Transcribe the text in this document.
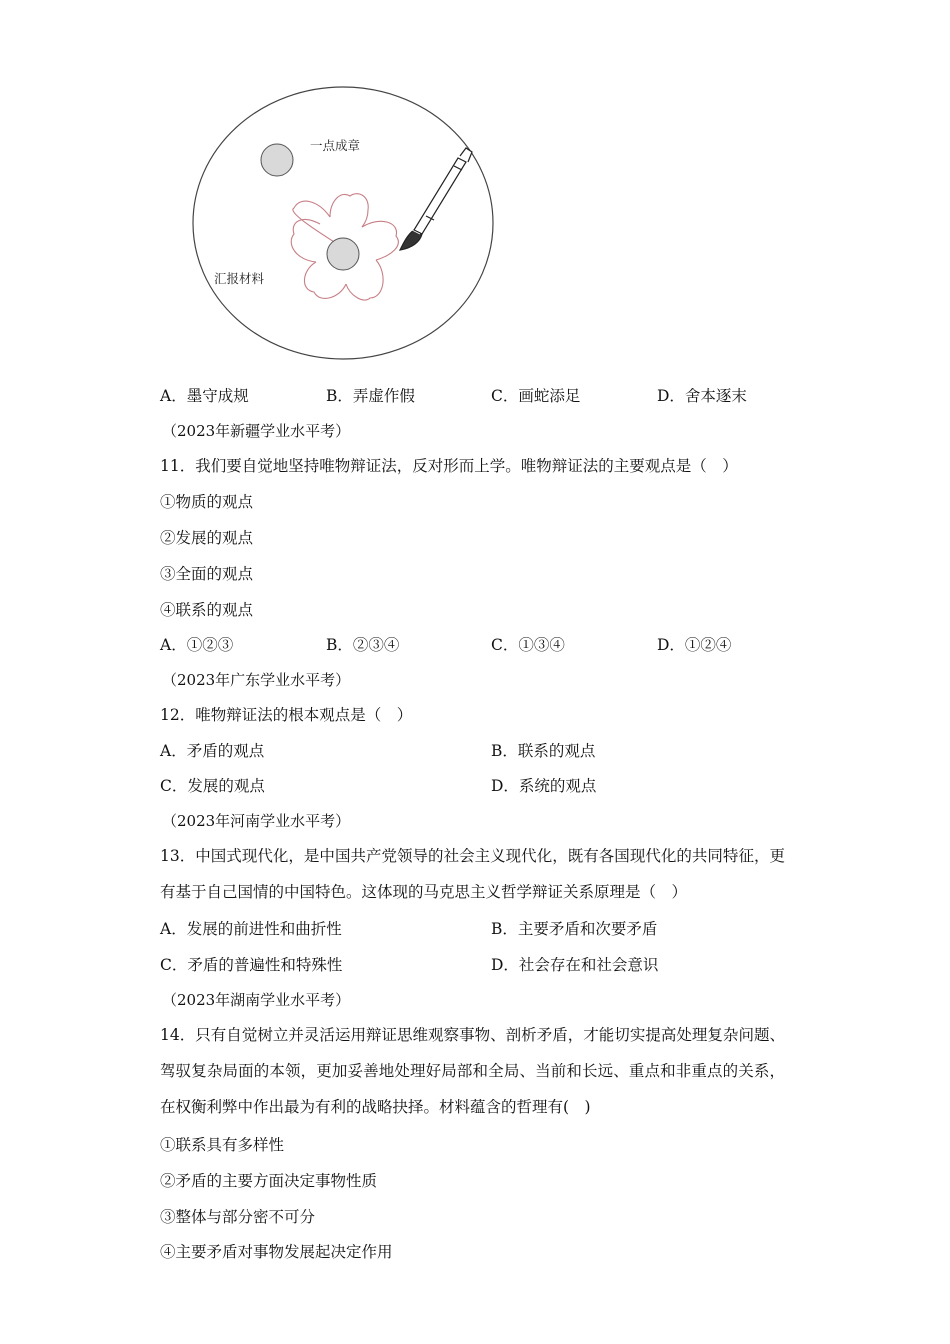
一点成章
汇报材料
A．墨守成规	B．弄虚作假	C．画蛇添足	D．舍本逐末
（2023年新疆学业水平考）
11．我们要自觉地坚持唯物辩证法，反对形而上学。唯物辩证法的主要观点是（　）
①物质的观点
②发展的观点
③全面的观点
④联系的观点
A．①②③	B．②③④	C．①③④	D．①②④
（2023年广东学业水平考）
12．唯物辩证法的根本观点是（　）
A．矛盾的观点	B．联系的观点
C．发展的观点	D．系统的观点
（2023年河南学业水平考）
13．中国式现代化，是中国共产党领导的社会主义现代化，既有各国现代化的共同特征，更有基于自己国情的中国特色。这体现的马克思主义哲学辩证关系原理是（　）
A．发展的前进性和曲折性	B．主要矛盾和次要矛盾
C．矛盾的普遍性和特殊性	D．社会存在和社会意识
（2023年湖南学业水平考）
14．只有自觉树立并灵活运用辩证思维观察事物、剖析矛盾，才能切实提高处理复杂问题、驾驭复杂局面的本领，更加妥善地处理好局部和全局、当前和长远、重点和非重点的关系，在权衡利弊中作出最为有利的战略抉择。材料蕴含的哲理有(　)
①联系具有多样性
②矛盾的主要方面决定事物性质
③整体与部分密不可分
④主要矛盾对事物发展起决定作用
